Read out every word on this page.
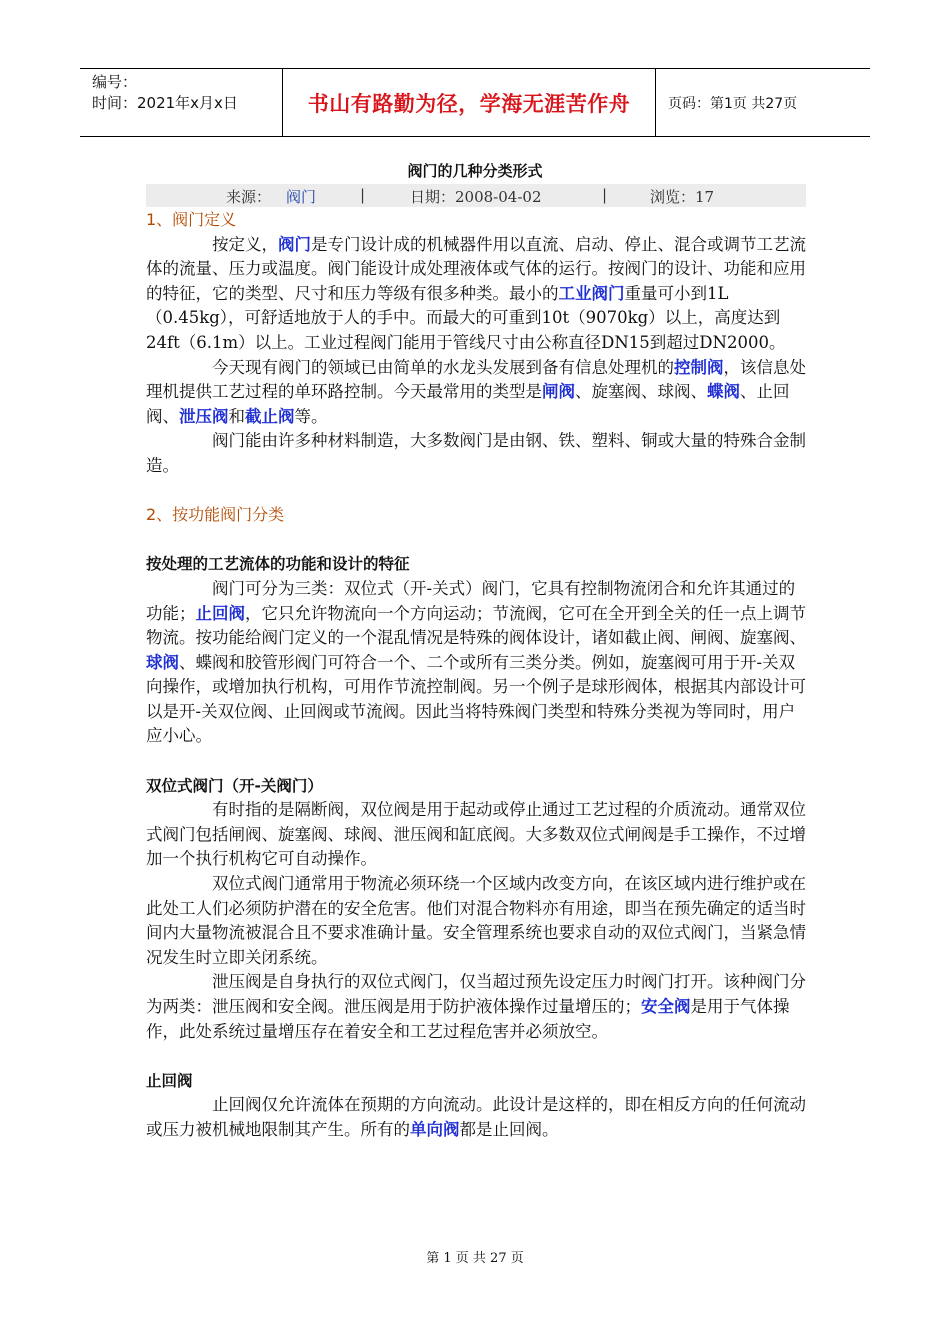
编号：
时间：2021年x月x日	书山有路勤为径，学海无涯苦作舟	页码：第1页 共27页
阀门的几种分类形式
来源： 阀门	|	日期：2008-04-02	|	浏览：17

1、阀门定义

按定义，阀门是专门设计成的机械器件用以直流、启动、停止、混合或调节工艺流体的流量、压力或温度。阀门能设计成处理液体或气体的运行。按阀门的设计、功能和应用的特征，它的类型、尺寸和压力等级有很多种类。最小的工业阀门重量可小到1L（0.45kg），可舒适地放于人的手中。而最大的可重到10t（9070kg）以上，高度达到24ft（6.1m）以上。工业过程阀门能用于管线尺寸由公称直径DN15到超过DN2000。

今天现有阀门的领域已由简单的水龙头发展到备有信息处理机的控制阀，该信息处理机提供工艺过程的单环路控制。今天最常用的类型是闸阀、旋塞阀、球阀、蝶阀、止回阀、泄压阀和截止阀等。

阀门能由许多种材料制造，大多数阀门是由钢、铁、塑料、铜或大量的特殊合金制造。

2、按功能阀门分类

按处理的工艺流体的功能和设计的特征

阀门可分为三类：双位式（开-关式）阀门，它具有控制物流闭合和允许其通过的功能；止回阀，它只允许物流向一个方向运动；节流阀，它可在全开到全关的任一点上调节物流。按功能给阀门定义的一个混乱情况是特殊的阀体设计，诸如截止阀、闸阀、旋塞阀、球阀、蝶阀和胶管形阀门可符合一个、二个或所有三类分类。例如，旋塞阀可用于开-关双向操作，或增加执行机构，可用作节流控制阀。另一个例子是球形阀体，根据其内部设计可以是开-关双位阀、止回阀或节流阀。因此当将特殊阀门类型和特殊分类视为等同时，用户应小心。

双位式阀门（开-关阀门）

有时指的是隔断阀，双位阀是用于起动或停止通过工艺过程的介质流动。通常双位式阀门包括闸阀、旋塞阀、球阀、泄压阀和缸底阀。大多数双位式闸阀是手工操作，不过增加一个执行机构它可自动操作。

双位式阀门通常用于物流必须环绕一个区域内改变方向，在该区域内进行维护或在此处工人们必须防护潜在的安全危害。他们对混合物料亦有用途，即当在预先确定的适当时间内大量物流被混合且不要求准确计量。安全管理系统也要求自动的双位式阀门，当紧急情况发生时立即关闭系统。

泄压阀是自身执行的双位式阀门，仅当超过预先设定压力时阀门打开。该种阀门分为两类：泄压阀和安全阀。泄压阀是用于防护液体操作过量增压的；安全阀是用于气体操作，此处系统过量增压存在着安全和工艺过程危害并必须放空。

止回阀

止回阀仅允许流体在预期的方向流动。此设计是这样的，即在相反方向的任何流动或压力被机械地限制其产生。所有的单向阀都是止回阀。

第 1 页 共 27 页
